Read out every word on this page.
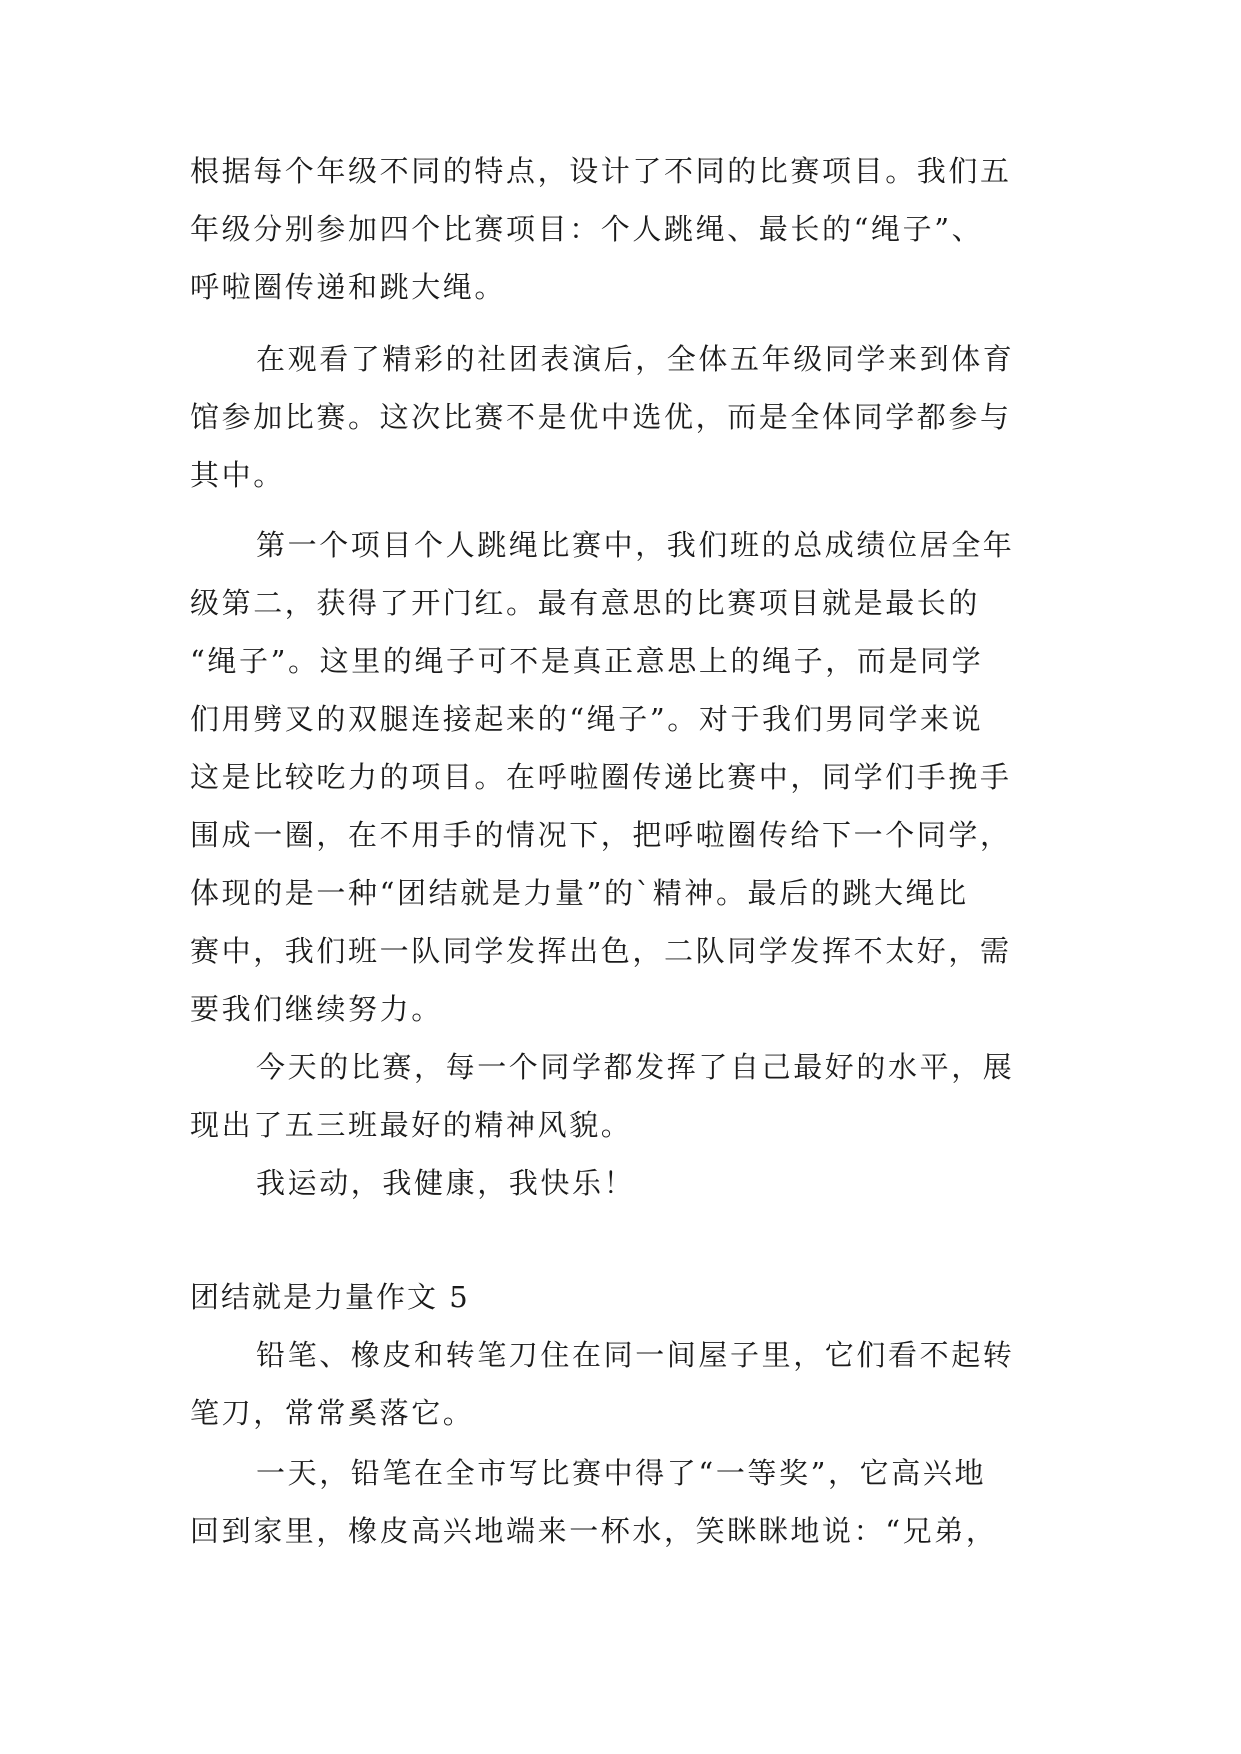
根据每个年级不同的特点，设计了不同的比赛项目。我们五
年级分别参加四个比赛项目：个人跳绳、最长的“绳子”、
呼啦圈传递和跳大绳。
在观看了精彩的社团表演后，全体五年级同学来到体育
馆参加比赛。这次比赛不是优中选优，而是全体同学都参与
其中。
第一个项目个人跳绳比赛中，我们班的总成绩位居全年
级第二，获得了开门红。最有意思的比赛项目就是最长的
“绳子”。这里的绳子可不是真正意思上的绳子，而是同学
们用劈叉的双腿连接起来的“绳子”。对于我们男同学来说
这是比较吃力的项目。在呼啦圈传递比赛中，同学们手挽手
围成一圈，在不用手的情况下，把呼啦圈传给下一个同学，
体现的是一种“团结就是力量”的`精神。最后的跳大绳比
赛中，我们班一队同学发挥出色，二队同学发挥不太好，需
要我们继续努力。
今天的比赛，每一个同学都发挥了自己最好的水平，展
现出了五三班最好的精神风貌。
我运动，我健康，我快乐！
团结就是力量作文 5
铅笔、橡皮和转笔刀住在同一间屋子里，它们看不起转
笔刀，常常奚落它。
一天，铅笔在全市写比赛中得了“一等奖”，它高兴地
回到家里，橡皮高兴地端来一杯水，笑眯眯地说：“兄弟，
